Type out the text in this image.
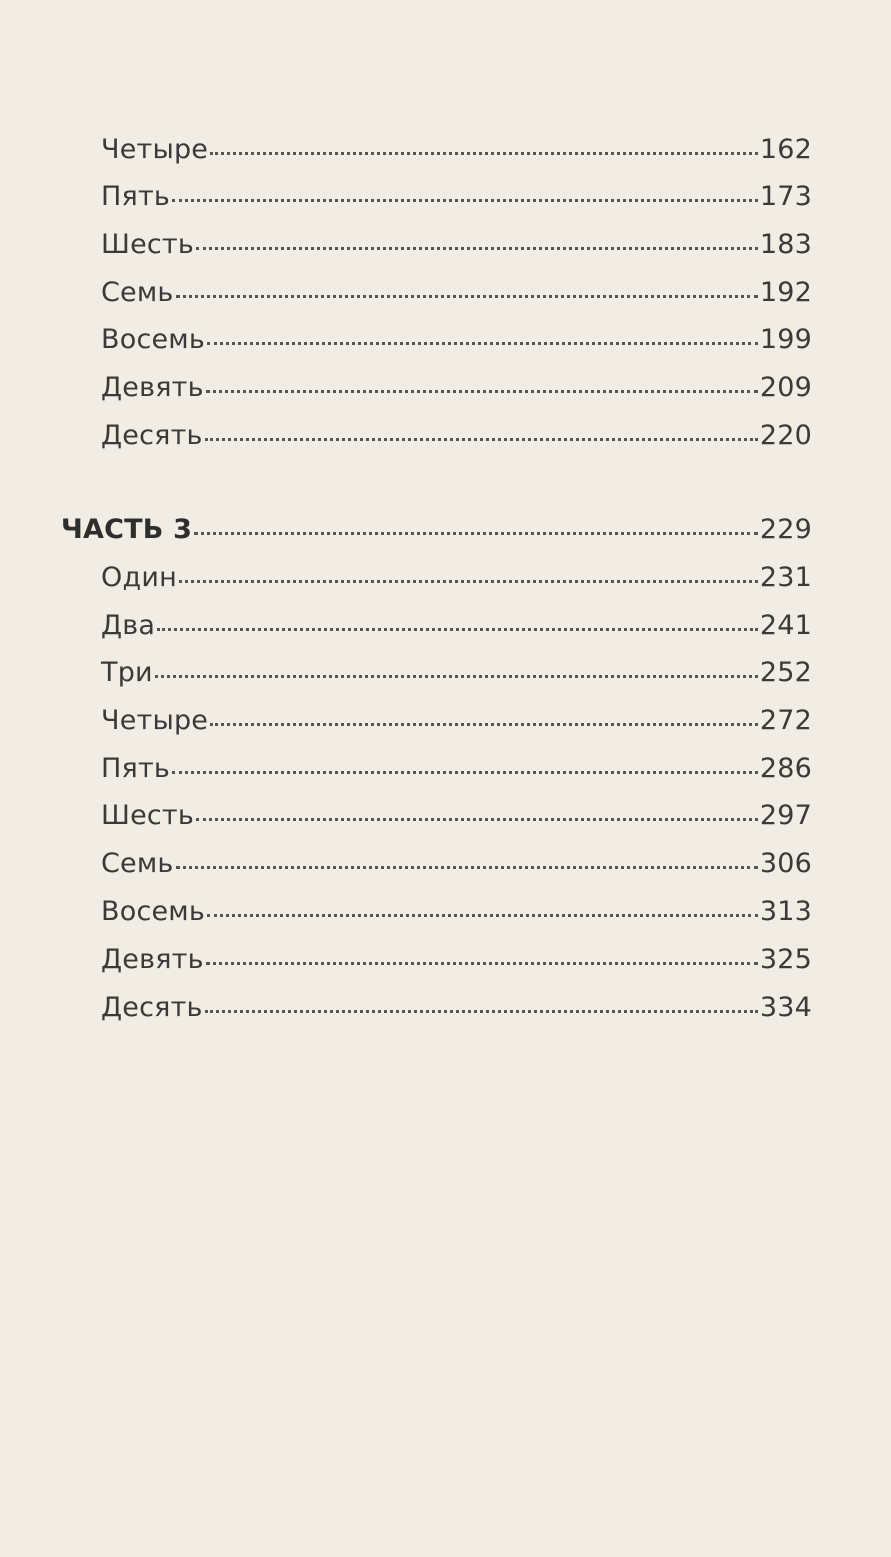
Четыре	162
Пять	173
Шесть	183
Семь	192
Восемь	199
Девять	209
Десять	220
ЧАСТЬ 3	229
Один	231
Два	241
Три	252
Четыре	272
Пять	286
Шесть	297
Семь	306
Восемь	313
Девять	325
Десять	334
